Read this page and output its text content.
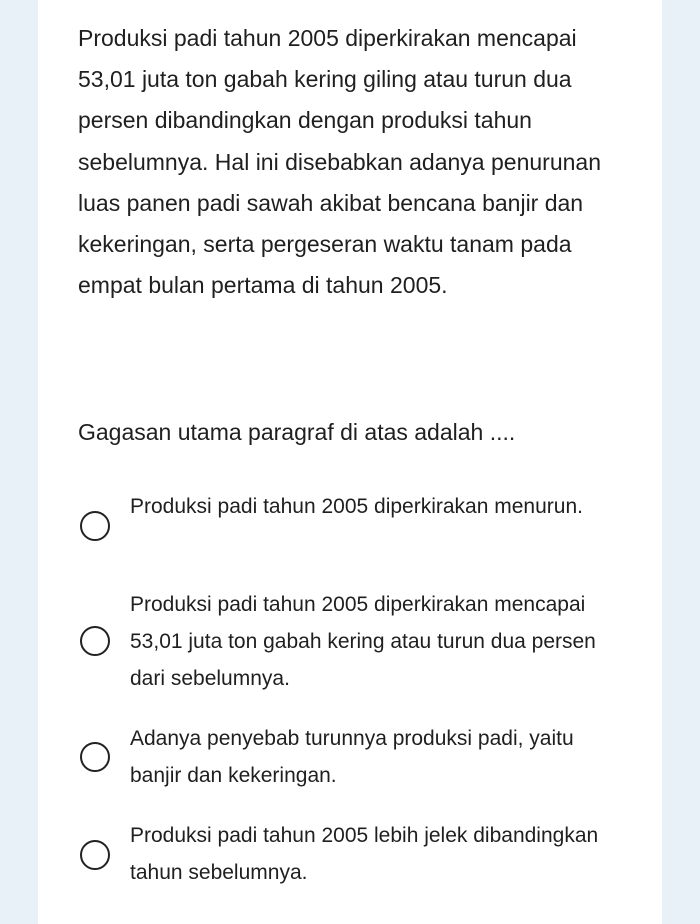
Produksi padi tahun 2005 diperkirakan mencapai 53,01 juta ton gabah kering giling atau turun dua persen dibandingkan dengan produksi tahun sebelumnya. Hal ini disebabkan adanya penurunan luas panen padi sawah akibat bencana banjir dan kekeringan, serta pergeseran waktu tanam pada empat bulan pertama di tahun 2005.
Gagasan utama paragraf di atas adalah ....
Produksi padi tahun 2005 diperkirakan menurun.
Produksi padi tahun 2005 diperkirakan mencapai 53,01 juta ton gabah kering atau turun dua persen dari sebelumnya.
Adanya penyebab turunnya produksi padi, yaitu banjir dan kekeringan.
Produksi padi tahun 2005 lebih jelek dibandingkan tahun sebelumnya.
